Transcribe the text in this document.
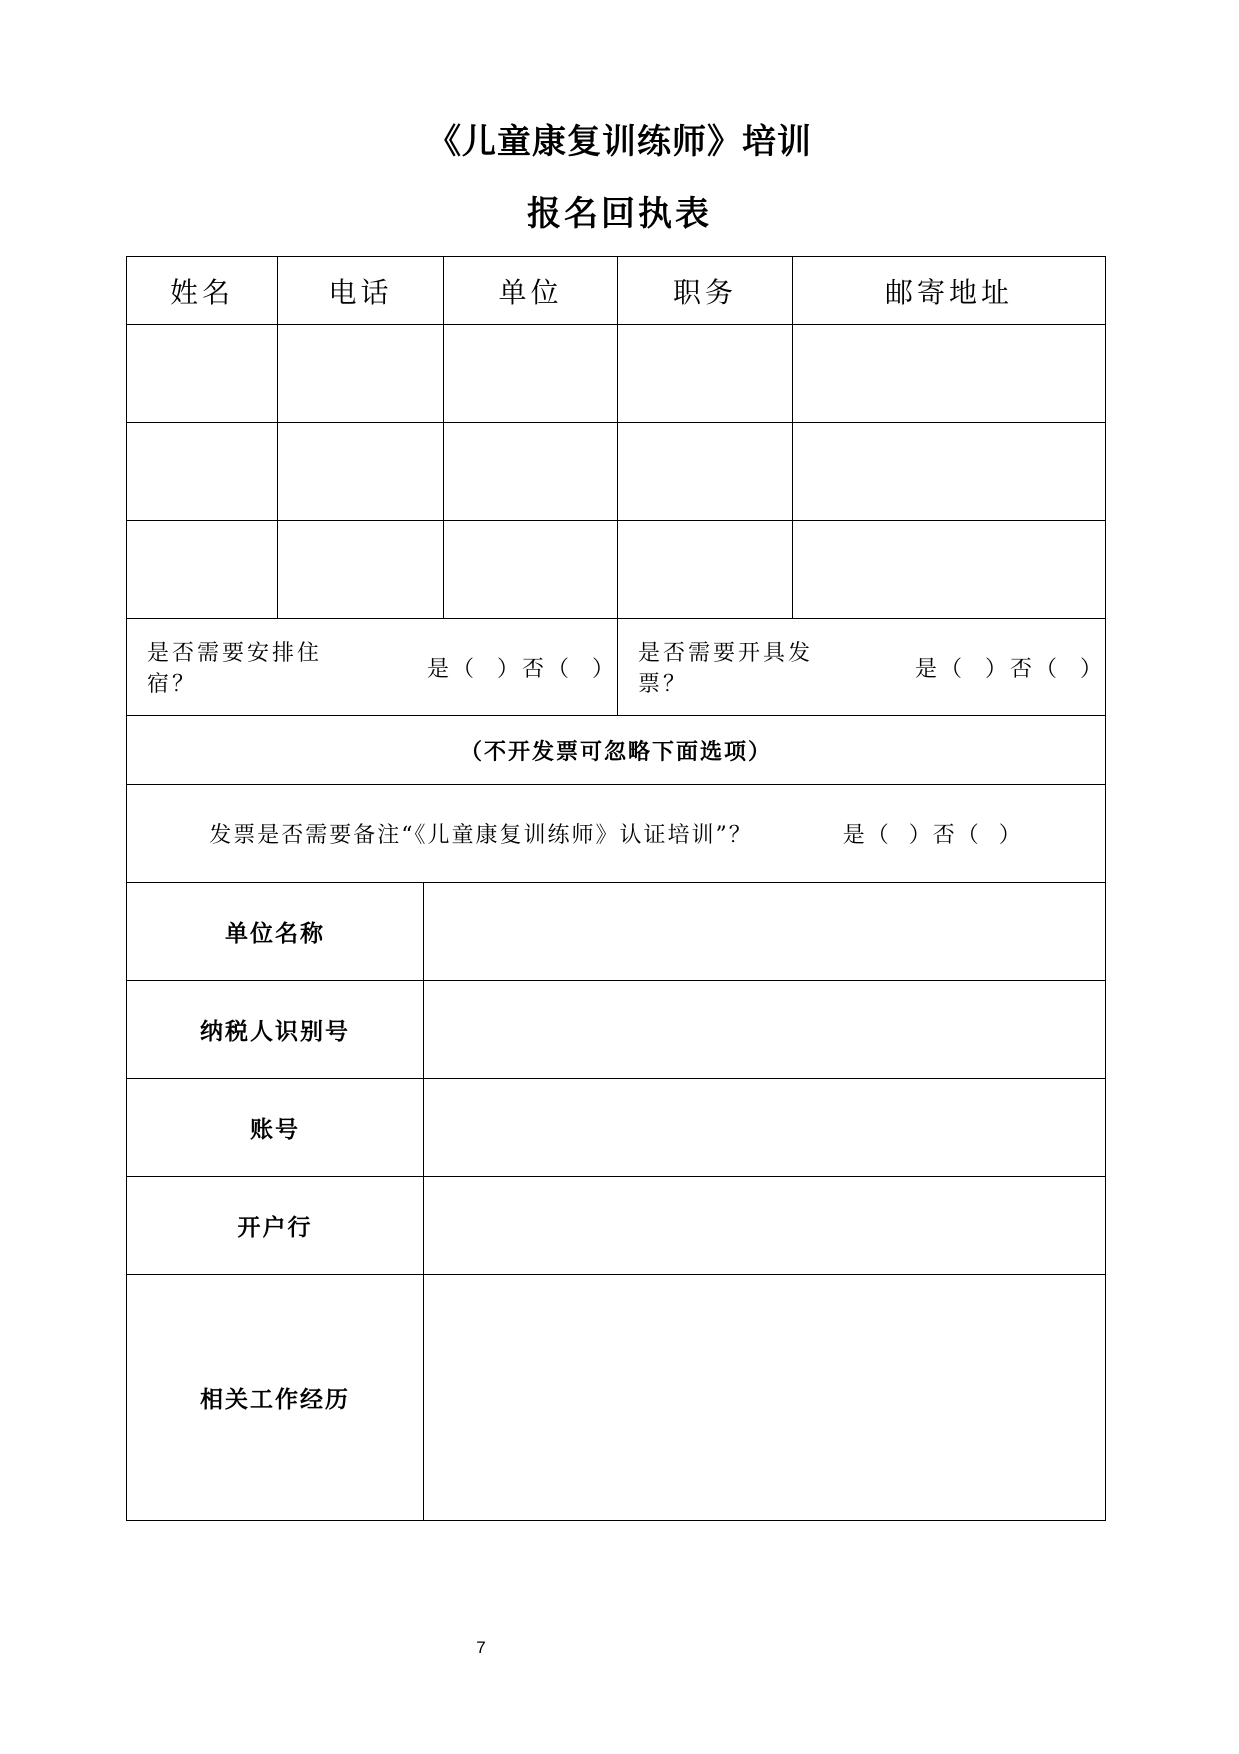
《儿童康复训练师》培训
报名回执表
姓名	电话	单位	职务	邮寄地址
是否需要安排住宿？
是（  ）否（  ）
是否需要开具发票？
是（  ）否（  ）
（不开发票可忽略下面选项）
发票是否需要备注“《儿童康复训练师》认证培训”？	是（  ）否（  ）
单位名称
纳税人识别号
账号
开户行
相关工作经历
7
